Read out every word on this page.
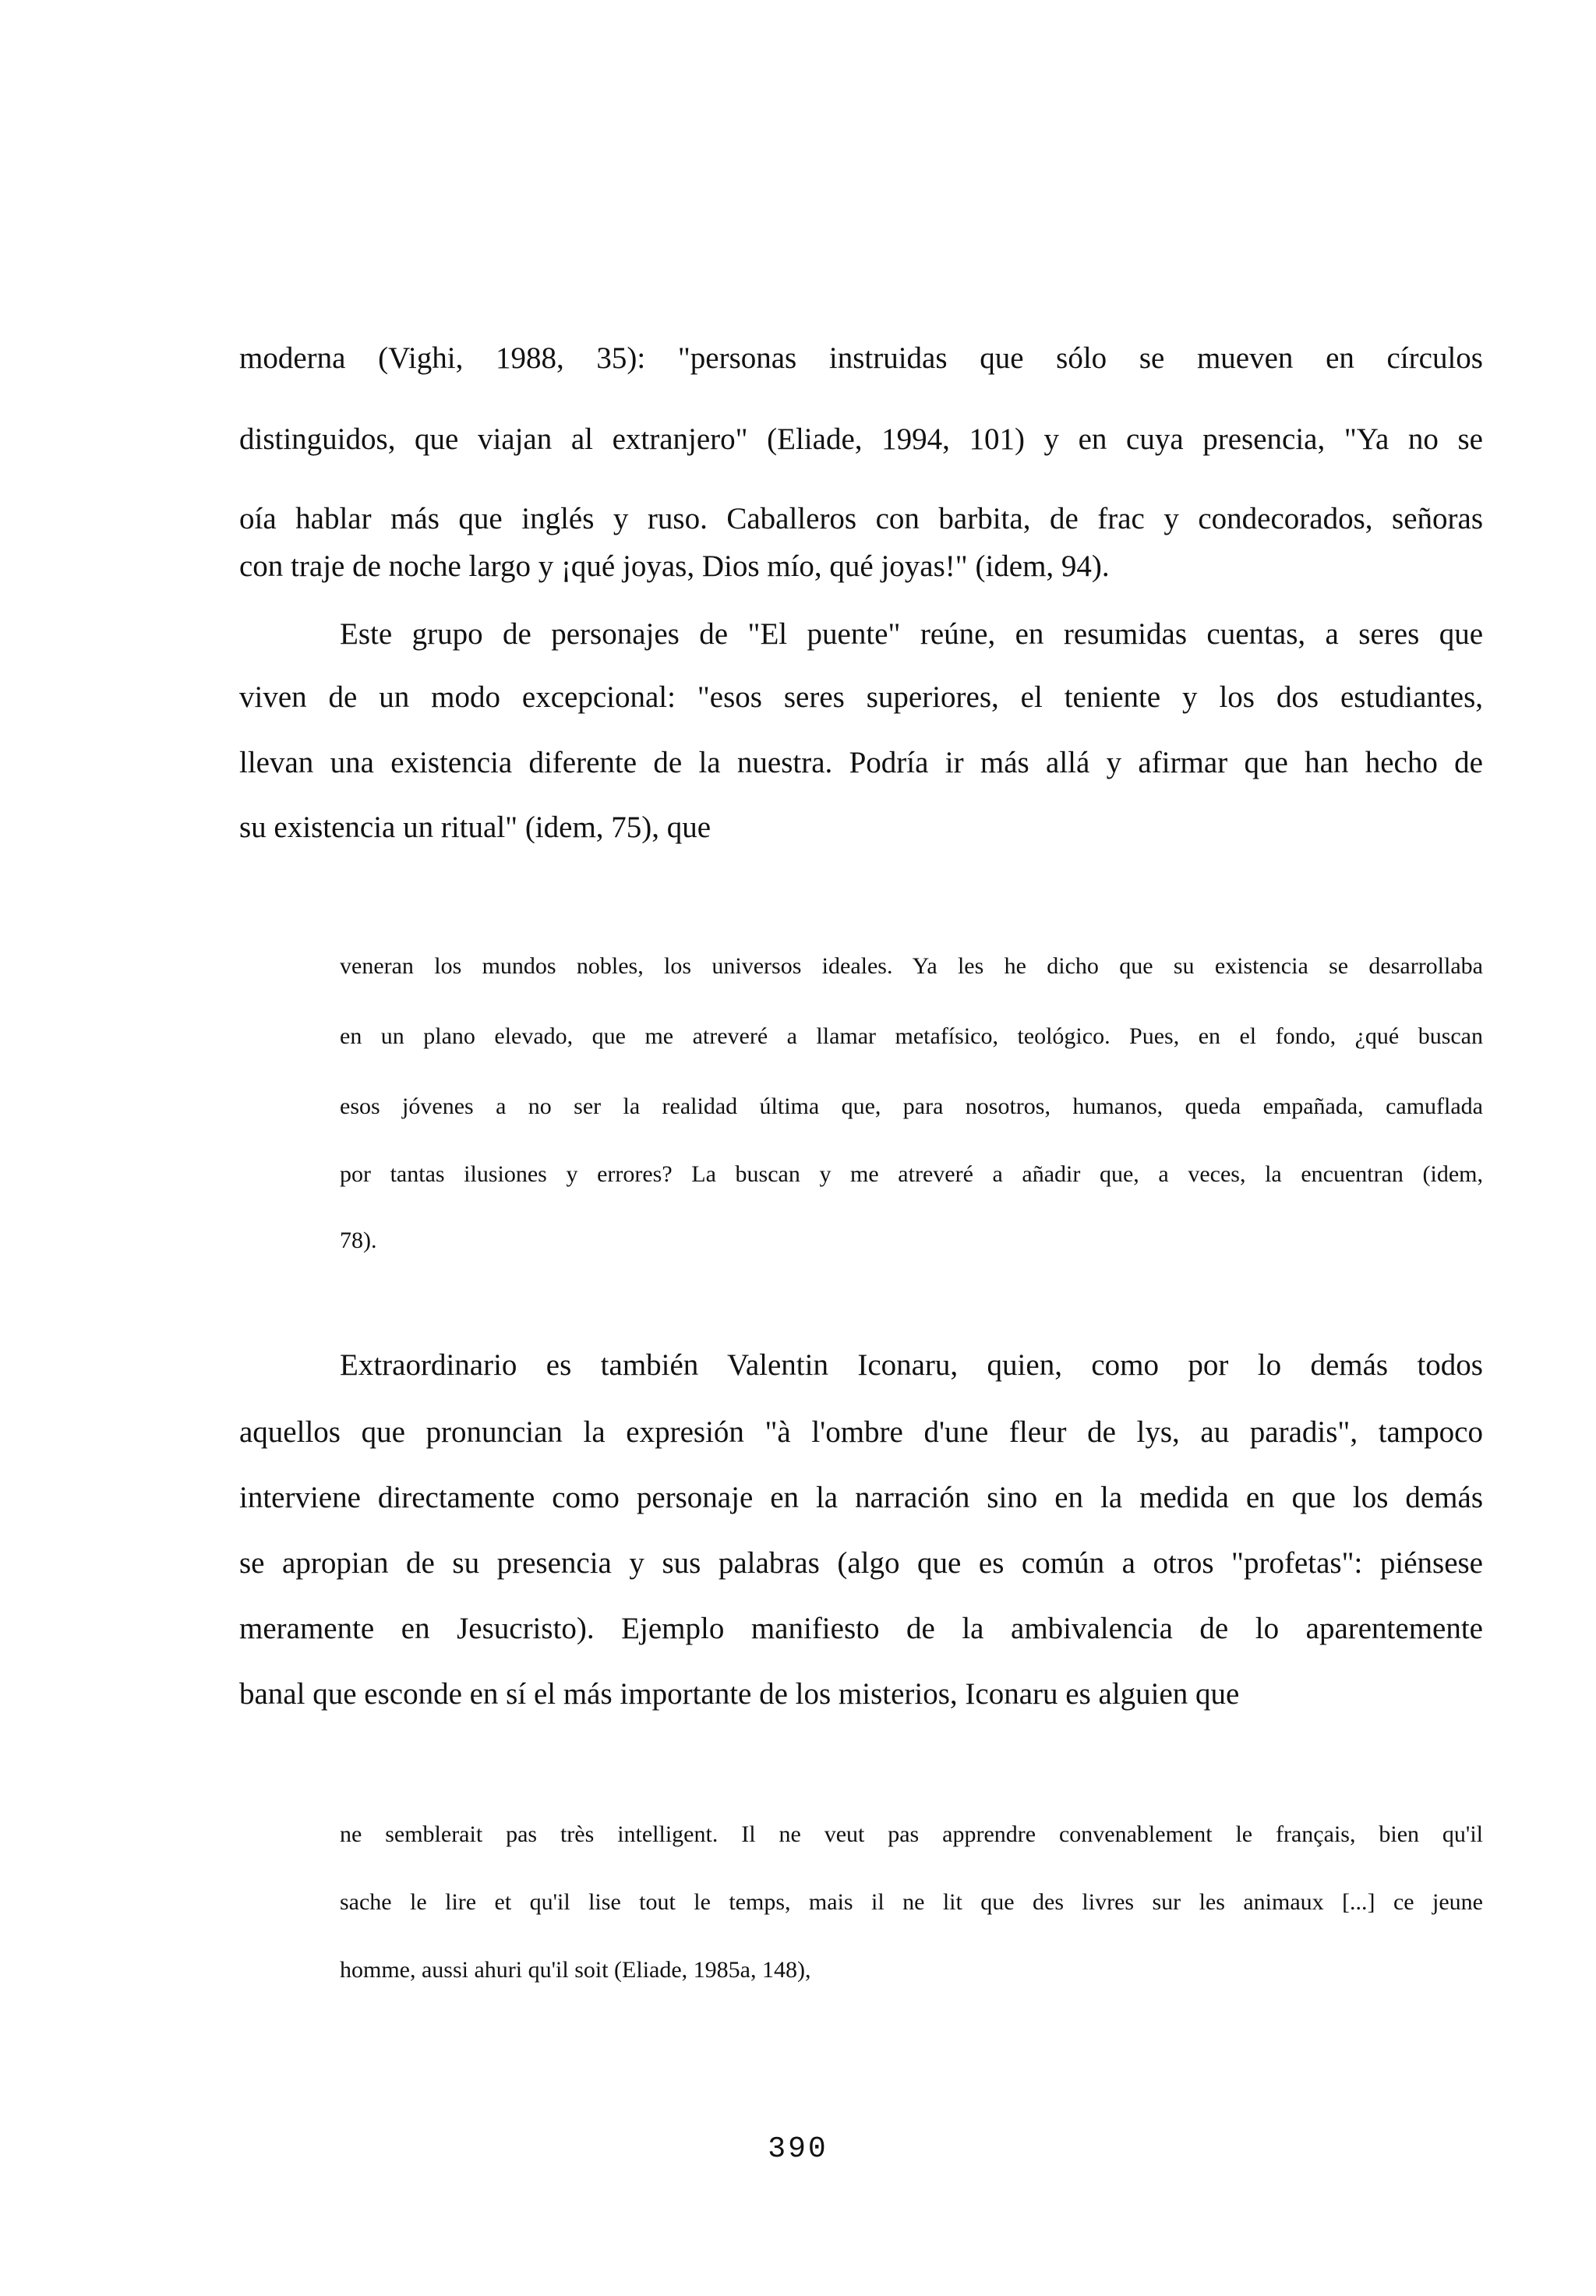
moderna (Vighi, 1988, 35): "personas instruidas que sólo se mueven en círculos

distinguidos, que viajan al extranjero" (Eliade, 1994, 101) y en cuya presencia, "Ya no se

oía hablar más que inglés y ruso. Caballeros con barbita, de frac y condecorados, señoras

con traje de noche largo y ¡qué joyas, Dios mío, qué joyas!" (idem, 94).

Este grupo de personajes de "El puente" reúne, en resumidas cuentas, a seres que

viven de un modo excepcional: "esos seres superiores, el teniente y los dos estudiantes,

llevan una existencia diferente de la nuestra. Podría ir más allá y afirmar que han hecho de

su existencia un ritual" (idem, 75), que

veneran los mundos nobles, los universos ideales. Ya les he dicho que su existencia se desarrollaba

en un plano elevado, que me atreveré a llamar metafísico, teológico. Pues, en el fondo, ¿qué buscan

esos jóvenes a no ser la realidad última que, para nosotros, humanos, queda empañada, camuflada

por tantas ilusiones y errores? La buscan y me atreveré a añadir que, a veces, la encuentran (idem,

78).

Extraordinario es también Valentin Iconaru, quien, como por lo demás todos

aquellos que pronuncian la expresión "à l'ombre d'une fleur de lys, au paradis", tampoco

interviene directamente como personaje en la narración sino en la medida en que los demás

se apropian de su presencia y sus palabras (algo que es común a otros "profetas": piénsese

meramente en Jesucristo). Ejemplo manifiesto de la ambivalencia de lo aparentemente

banal que esconde en sí el más importante de los misterios, Iconaru es alguien que

ne semblerait pas très intelligent. Il ne veut pas apprendre convenablement le français, bien qu'il

sache le lire et qu'il lise tout le temps, mais il ne lit que des livres sur les animaux [...] ce jeune

homme, aussi ahuri qu'il soit (Eliade, 1985a, 148),

390
